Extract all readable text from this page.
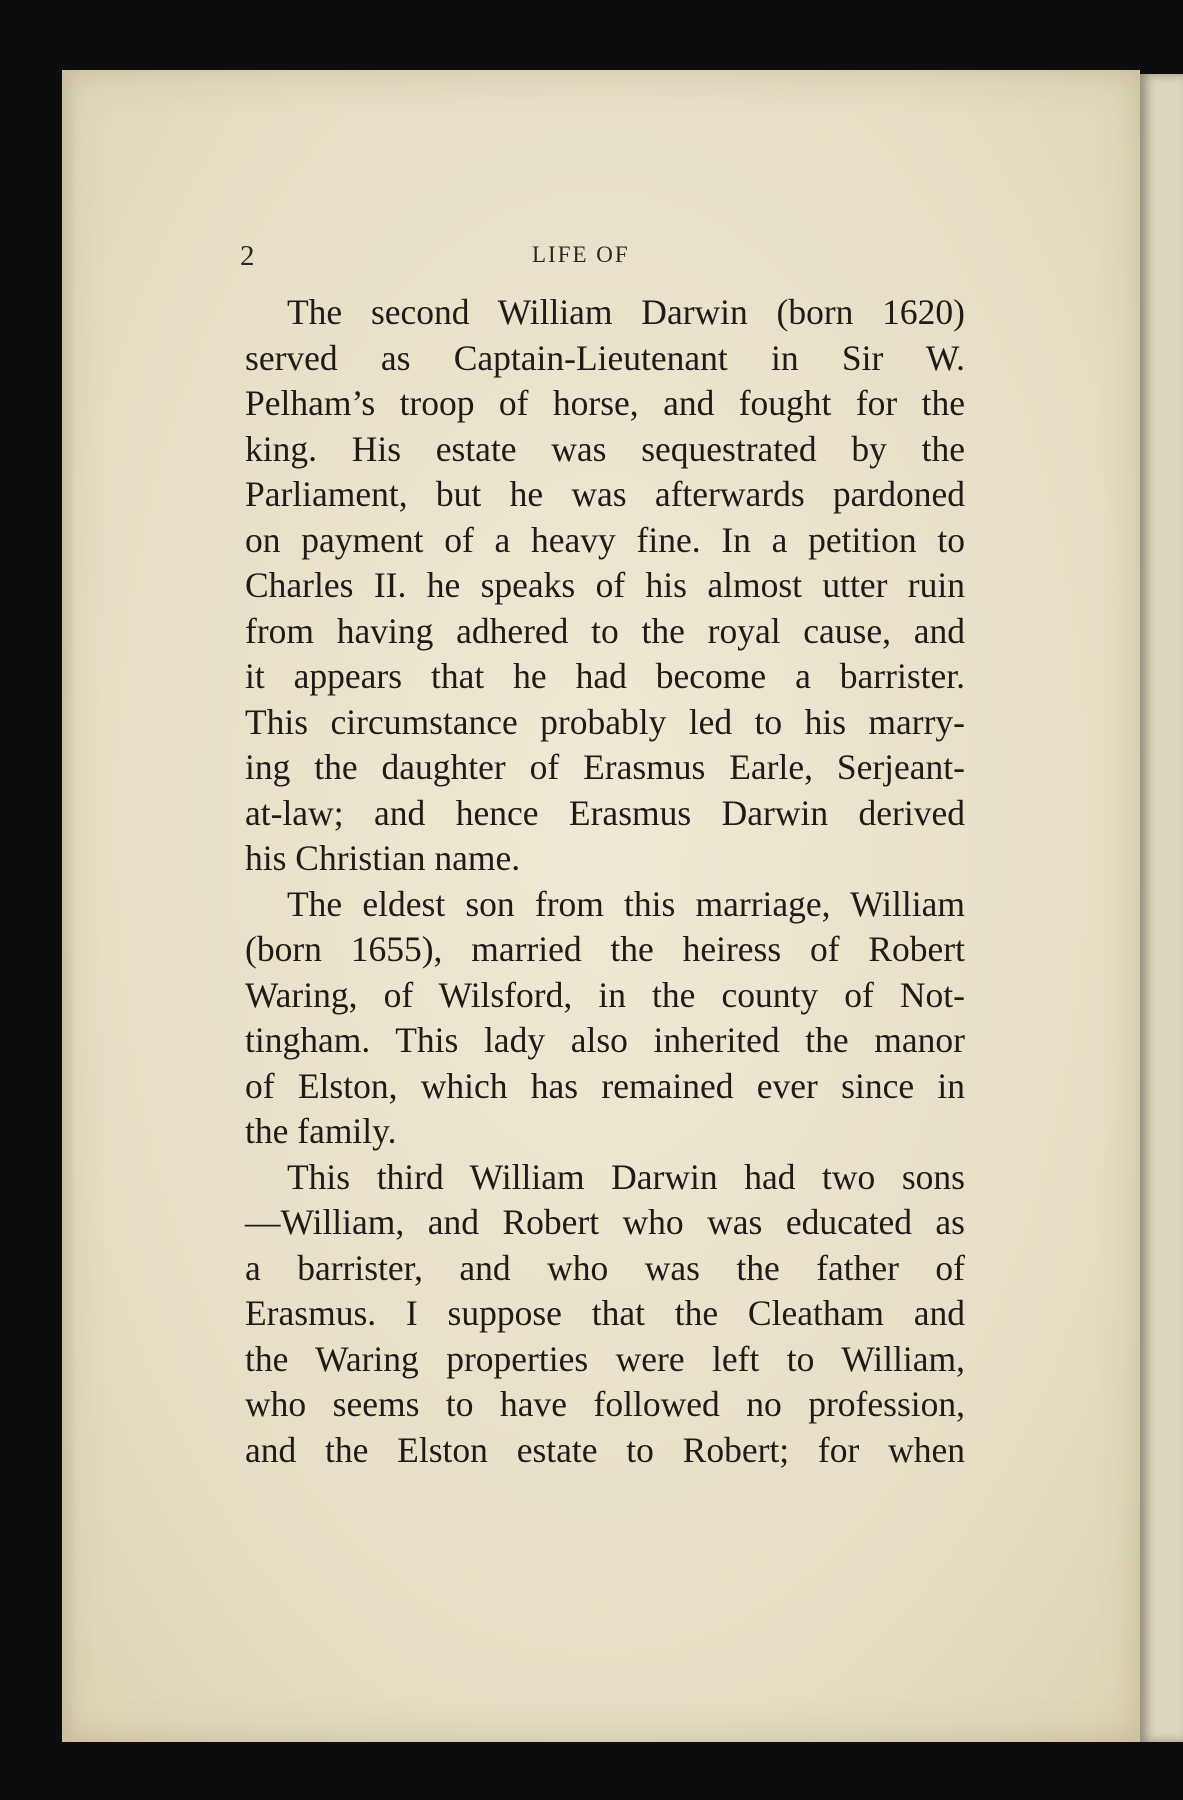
2	LIFE OF
The second William Darwin (born 1620)
served as Captain-Lieutenant in Sir W.
Pelham’s troop of horse, and fought for the
king. His estate was sequestrated by the
Parliament, but he was afterwards pardoned
on payment of a heavy fine. In a petition to
Charles II. he speaks of his almost utter ruin
from having adhered to the royal cause, and
it appears that he had become a barrister.
This circumstance probably led to his marry-
ing the daughter of Erasmus Earle, Serjeant-
at-law; and hence Erasmus Darwin derived
his Christian name.
The eldest son from this marriage, William
(born 1655), married the heiress of Robert
Waring, of Wilsford, in the county of Not-
tingham. This lady also inherited the manor
of Elston, which has remained ever since in
the family.
This third William Darwin had two sons
—William, and Robert who was educated as
a barrister, and who was the father of
Erasmus. I suppose that the Cleatham and
the Waring properties were left to William,
who seems to have followed no profession,
and the Elston estate to Robert; for when
